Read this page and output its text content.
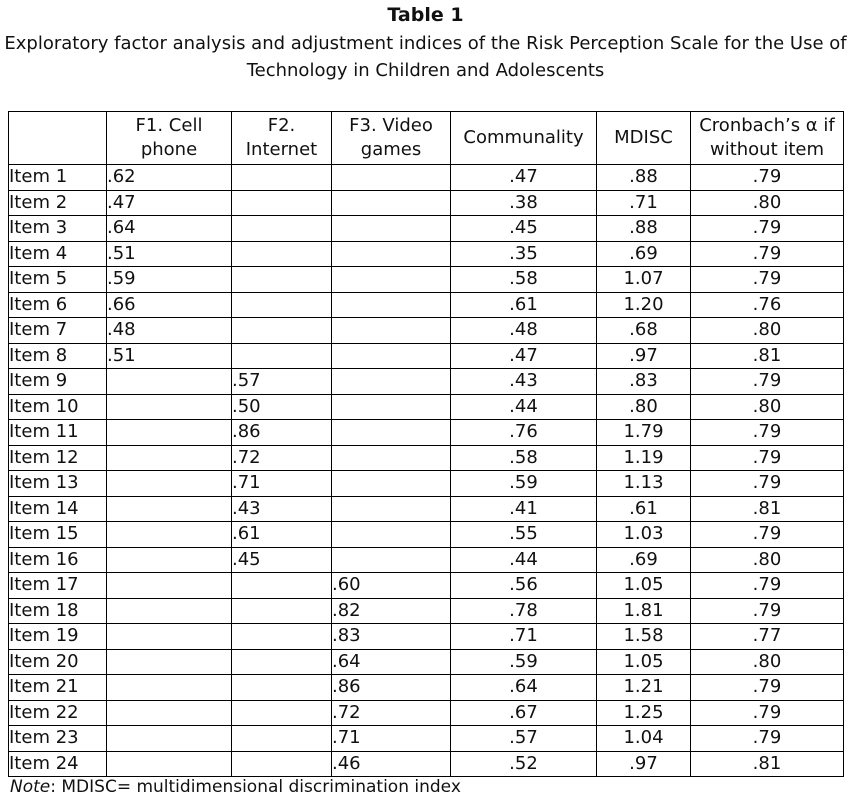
Table 1
Exploratory factor analysis and adjustment indices of the Risk Perception Scale for the Use of
Technology in Children and Adolescents
	F1. Cell phone	F2. Internet	F3. Video games	Communality	MDISC	Cronbach’s α if without item
Item 1	.62			.47	.88	.79
Item 2	.47			.38	.71	.80
Item 3	.64			.45	.88	.79
Item 4	.51			.35	.69	.79
Item 5	.59			.58	1.07	.79
Item 6	.66			.61	1.20	.76
Item 7	.48			.48	.68	.80
Item 8	.51			.47	.97	.81
Item 9		.57		.43	.83	.79
Item 10		.50		.44	.80	.80
Item 11		.86		.76	1.79	.79
Item 12		.72		.58	1.19	.79
Item 13		.71		.59	1.13	.79
Item 14		.43		.41	.61	.81
Item 15		.61		.55	1.03	.79
Item 16		.45		.44	.69	.80
Item 17			.60	.56	1.05	.79
Item 18			.82	.78	1.81	.79
Item 19			.83	.71	1.58	.77
Item 20			.64	.59	1.05	.80
Item 21			.86	.64	1.21	.79
Item 22			.72	.67	1.25	.79
Item 23			.71	.57	1.04	.79
Item 24			.46	.52	.97	.81
Note: MDISC= multidimensional discrimination index
